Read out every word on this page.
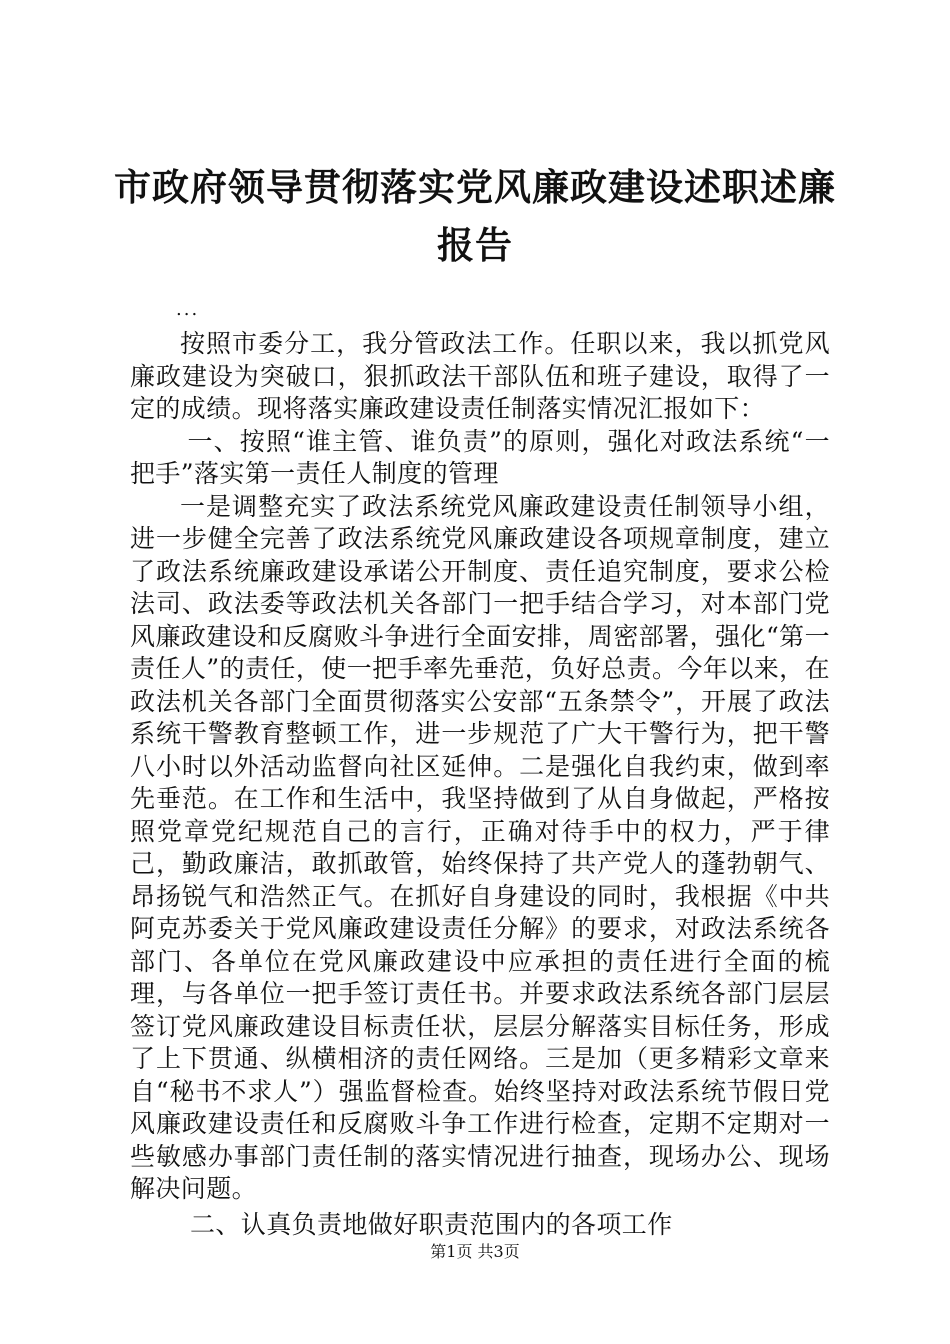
市政府领导贯彻落实党风廉政建设述职述廉报告
...

按照市委分工，我分管政法工作。任职以来，我以抓党风廉政建设为突破口，狠抓政法干部队伍和班子建设，取得了一定的成绩。现将落实廉政建设责任制落实情况汇报如下：

一、按照“谁主管、谁负责”的原则，强化对政法系统“一把手”落实第一责任人制度的管理

一是调整充实了政法系统党风廉政建设责任制领导小组，进一步健全完善了政法系统党风廉政建设各项规章制度，建立了政法系统廉政建设承诺公开制度、责任追究制度，要求公检法司、政法委等政法机关各部门一把手结合学习，对本部门党风廉政建设和反腐败斗争进行全面安排，周密部署，强化“第一责任人”的责任，使一把手率先垂范，负好总责。今年以来，在政法机关各部门全面贯彻落实公安部“五条禁令”，开展了政法系统干警教育整顿工作，进一步规范了广大干警行为，把干警八小时以外活动监督向社区延伸。二是强化自我约束，做到率先垂范。在工作和生活中，我坚持做到了从自身做起，严格按照党章党纪规范自己的言行，正确对待手中的权力，严于律己，勤政廉洁，敢抓敢管，始终保持了共产党人的蓬勃朝气、昂扬锐气和浩然正气。在抓好自身建设的同时，我根据《中共阿克苏委关于党风廉政建设责任分解》的要求，对政法系统各部门、各单位在党风廉政建设中应承担的责任进行全面的梳理，与各单位一把手签订责任书。并要求政法系统各部门层层签订党风廉政建设目标责任状，层层分解落实目标任务，形成了上下贯通、纵横相济的责任网络。三是加（更多精彩文章来自“秘书不求人”）强监督检查。始终坚持对政法系统节假日党风廉政建设责任和反腐败斗争工作进行检查，定期不定期对一些敏感办事部门责任制的落实情况进行抽查，现场办公、现场解决问题。

二、认真负责地做好职责范围内的各项工作

第1页 共3页
